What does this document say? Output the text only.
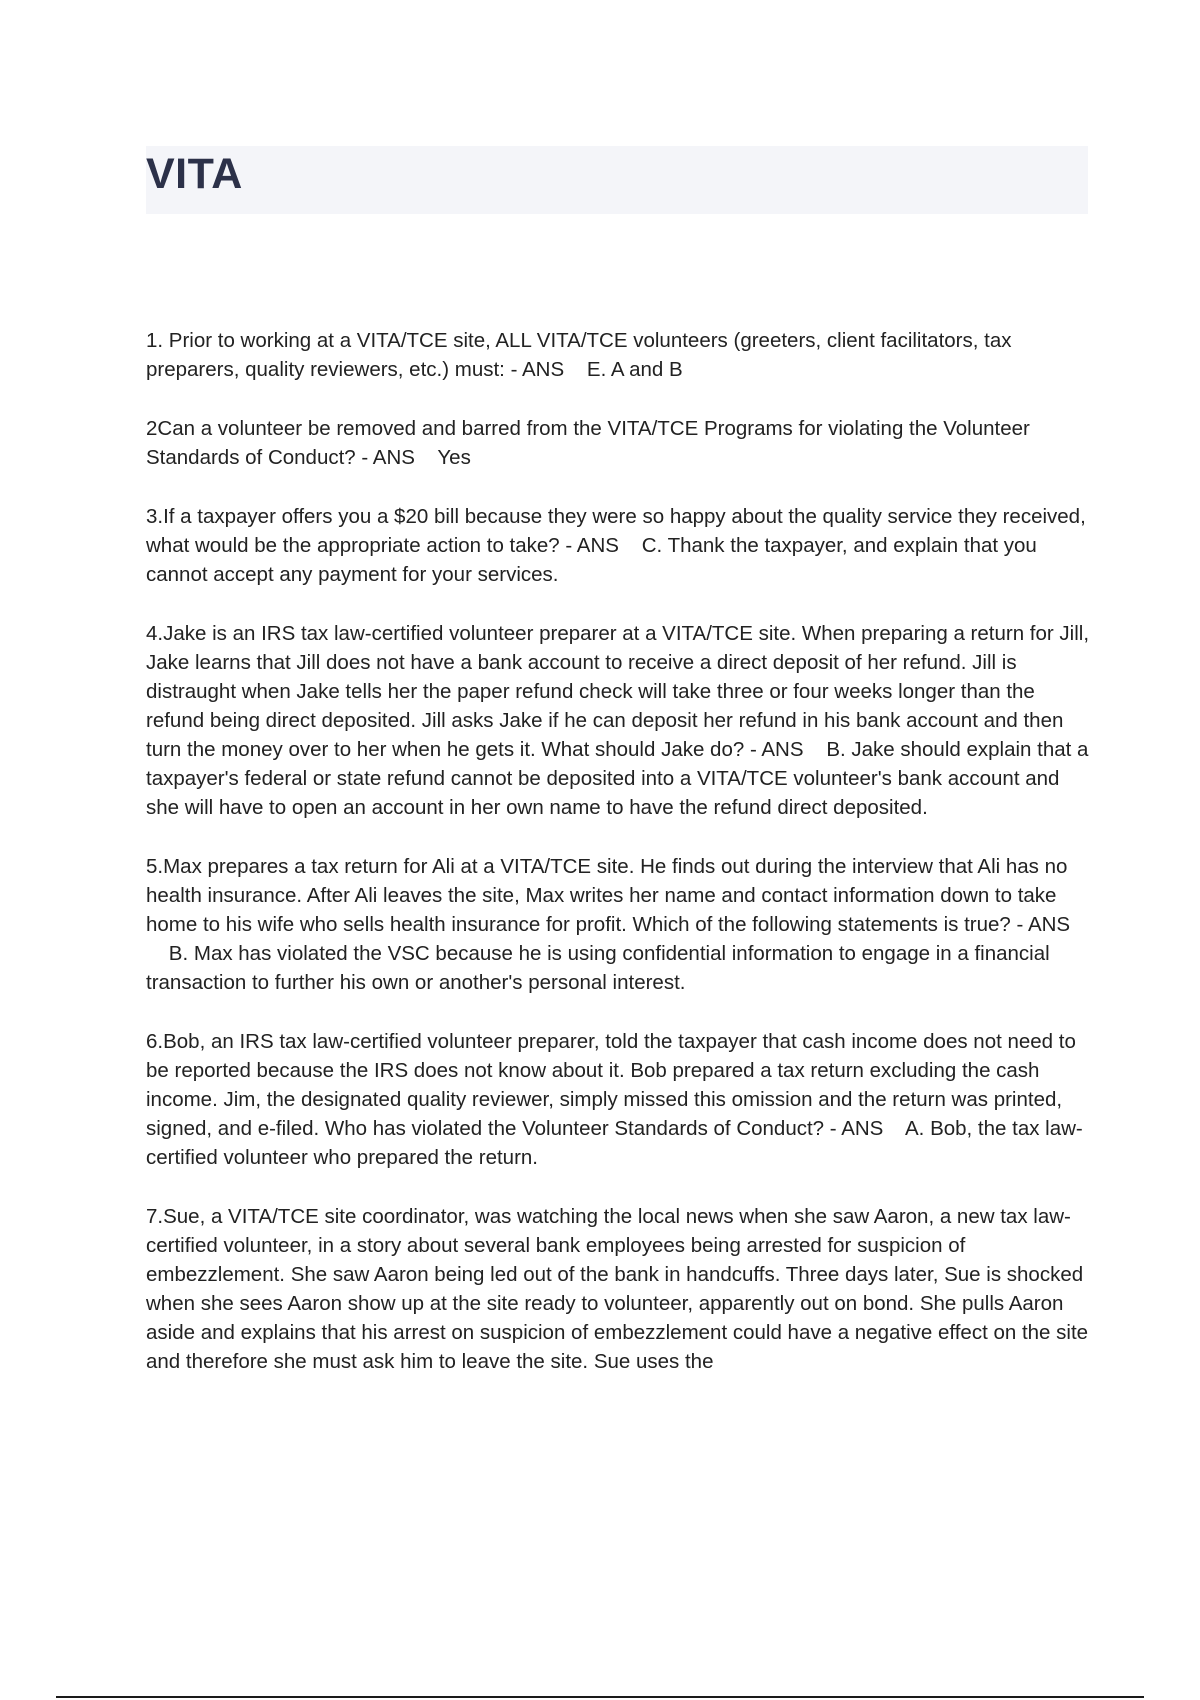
VITA

1. Prior to working at a VITA/TCE site, ALL VITA/TCE volunteers (greeters, client facilitators, tax preparers, quality reviewers, etc.) must: - ANS E. A and B

2Can a volunteer be removed and barred from the VITA/TCE Programs for violating the Volunteer Standards of Conduct? - ANS Yes

3.If a taxpayer offers you a $20 bill because they were so happy about the quality service they received, what would be the appropriate action to take? - ANS C. Thank the taxpayer, and explain that you cannot accept any payment for your services.

4.Jake is an IRS tax law-certified volunteer preparer at a VITA/TCE site. When preparing a return for Jill, Jake learns that Jill does not have a bank account to receive a direct deposit of her refund. Jill is distraught when Jake tells her the paper refund check will take three or four weeks longer than the refund being direct deposited. Jill asks Jake if he can deposit her refund in his bank account and then turn the money over to her when he gets it. What should Jake do? - ANS B. Jake should explain that a taxpayer's federal or state refund cannot be deposited into a VITA/TCE volunteer's bank account and she will have to open an account in her own name to have the refund direct deposited.

5.Max prepares a tax return for Ali at a VITA/TCE site. He finds out during the interview that Ali has no health insurance. After Ali leaves the site, Max writes her name and contact information down to take home to his wife who sells health insurance for profit. Which of the following statements is true? - ANS    B. Max has violated the VSC because he is using confidential information to engage in a financial transaction to further his own or another's personal interest.

6.Bob, an IRS tax law-certified volunteer preparer, told the taxpayer that cash income does not need to be reported because the IRS does not know about it. Bob prepared a tax return excluding the cash income. Jim, the designated quality reviewer, simply missed this omission and the return was printed, signed, and e-filed. Who has violated the Volunteer Standards of Conduct? - ANS A. Bob, the tax law-certified volunteer who prepared the return.

7.Sue, a VITA/TCE site coordinator, was watching the local news when she saw Aaron, a new tax law-certified volunteer, in a story about several bank employees being arrested for suspicion of embezzlement. She saw Aaron being led out of the bank in handcuffs. Three days later, Sue is shocked when she sees Aaron show up at the site ready to volunteer, apparently out on bond. She pulls Aaron aside and explains that his arrest on suspicion of embezzlement could have a negative effect on the site and therefore she must ask him to leave the site. Sue uses the
